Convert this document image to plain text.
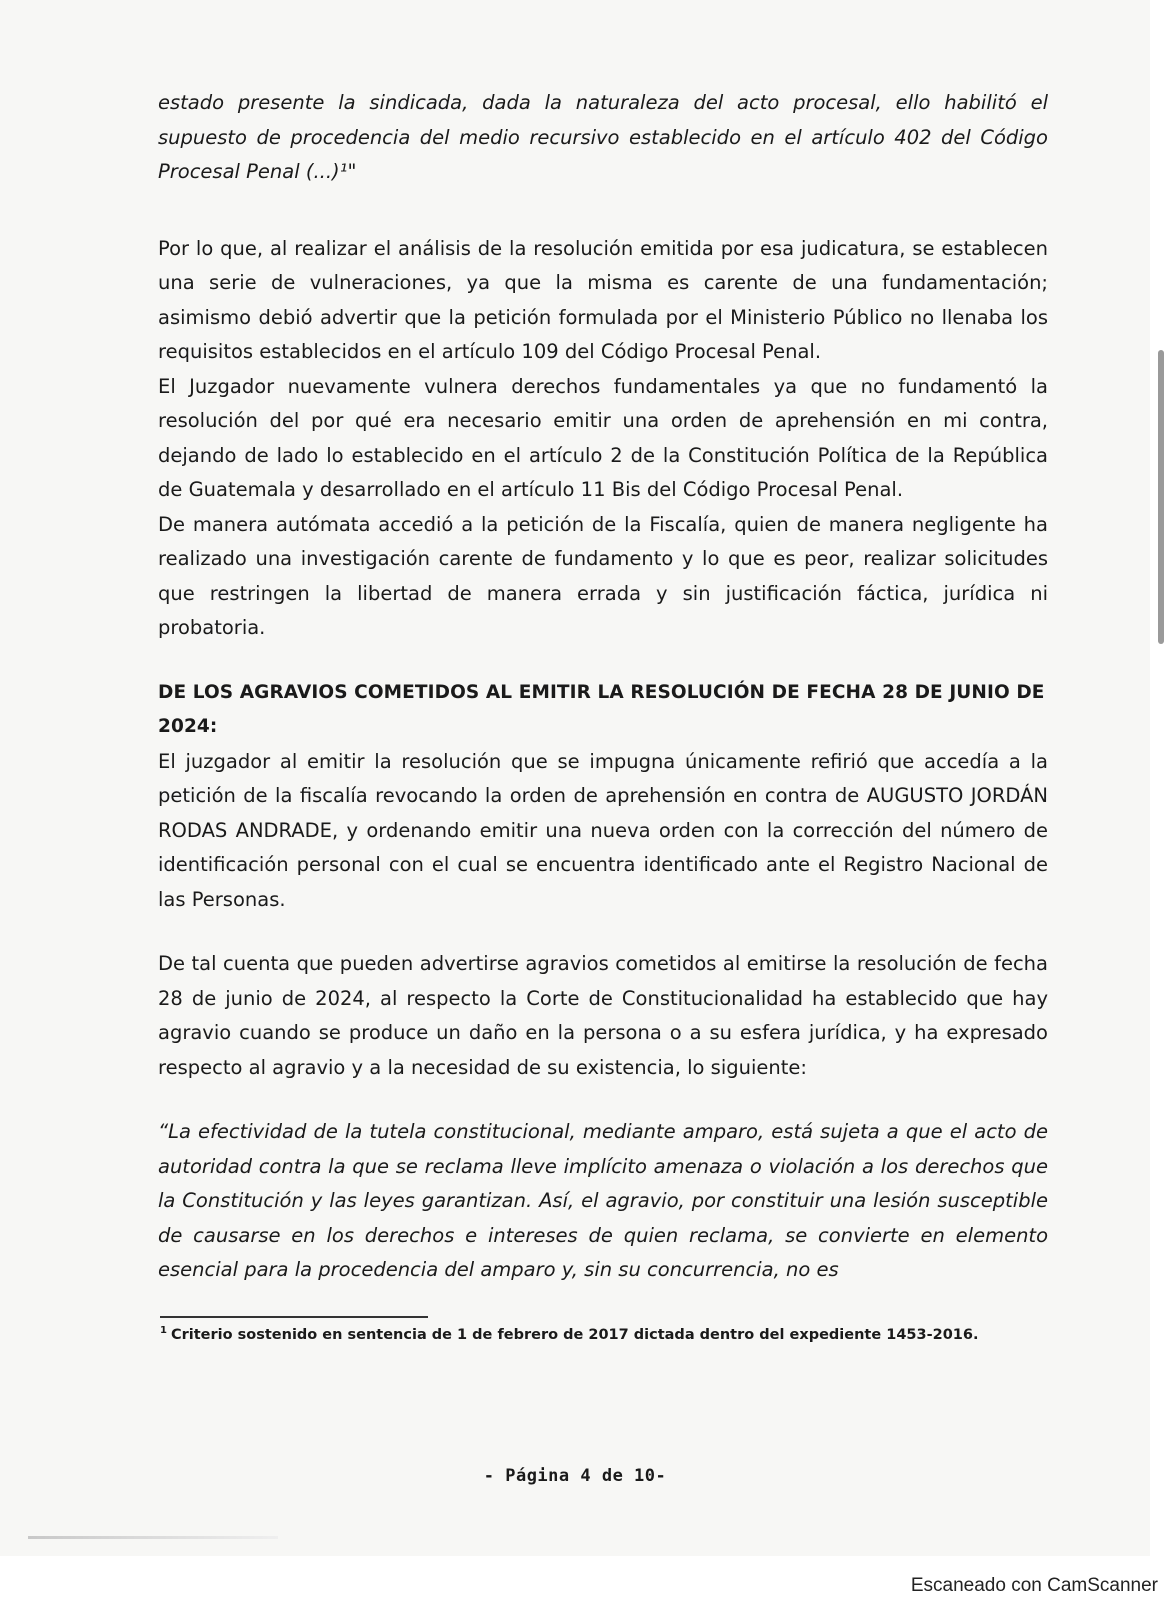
estado presente la sindicada, dada la naturaleza del acto procesal, ello habilitó el supuesto de procedencia del medio recursivo establecido en el artículo 402 del Código Procesal Penal (...)¹"

Por lo que, al realizar el análisis de la resolución emitida por esa judicatura, se establecen una serie de vulneraciones, ya que la misma es carente de una fundamentación; asimismo debió advertir que la petición formulada por el Ministerio Público no llenaba los requisitos establecidos en el artículo 109 del Código Procesal Penal.

El Juzgador nuevamente vulnera derechos fundamentales ya que no fundamentó la resolución del por qué era necesario emitir una orden de aprehensión en mi contra, dejando de lado lo establecido en el artículo 2 de la Constitución Política de la República de Guatemala y desarrollado en el artículo 11 Bis del Código Procesal Penal.

De manera autómata accedió a la petición de la Fiscalía, quien de manera negligente ha realizado una investigación carente de fundamento y lo que es peor, realizar solicitudes que restringen la libertad de manera errada y sin justificación fáctica, jurídica ni probatoria.

DE LOS AGRAVIOS COMETIDOS AL EMITIR LA RESOLUCIÓN DE FECHA 28 DE JUNIO DE 2024:

El juzgador al emitir la resolución que se impugna únicamente refirió que accedía a la petición de la fiscalía revocando la orden de aprehensión en contra de AUGUSTO JORDÁN RODAS ANDRADE, y ordenando emitir una nueva orden con la corrección del número de identificación personal con el cual se encuentra identificado ante el Registro Nacional de las Personas.

De tal cuenta que pueden advertirse agravios cometidos al emitirse la resolución de fecha 28 de junio de 2024, al respecto la Corte de Constitucionalidad ha establecido que hay agravio cuando se produce un daño en la persona o a su esfera jurídica, y ha expresado respecto al agravio y a la necesidad de su existencia, lo siguiente:

“La efectividad de la tutela constitucional, mediante amparo, está sujeta a que el acto de autoridad contra la que se reclama lleve implícito amenaza o violación a los derechos que la Constitución y las leyes garantizan. Así, el agravio, por constituir una lesión susceptible de causarse en los derechos e intereses de quien reclama, se convierte en elemento esencial para la procedencia del amparo y, sin su concurrencia, no es

$^1$ Criterio sostenido en sentencia de 1 de febrero de 2017 dictada dentro del expediente 1453-2016.
- Página 4 de 10-
Escaneado con CamScanner
